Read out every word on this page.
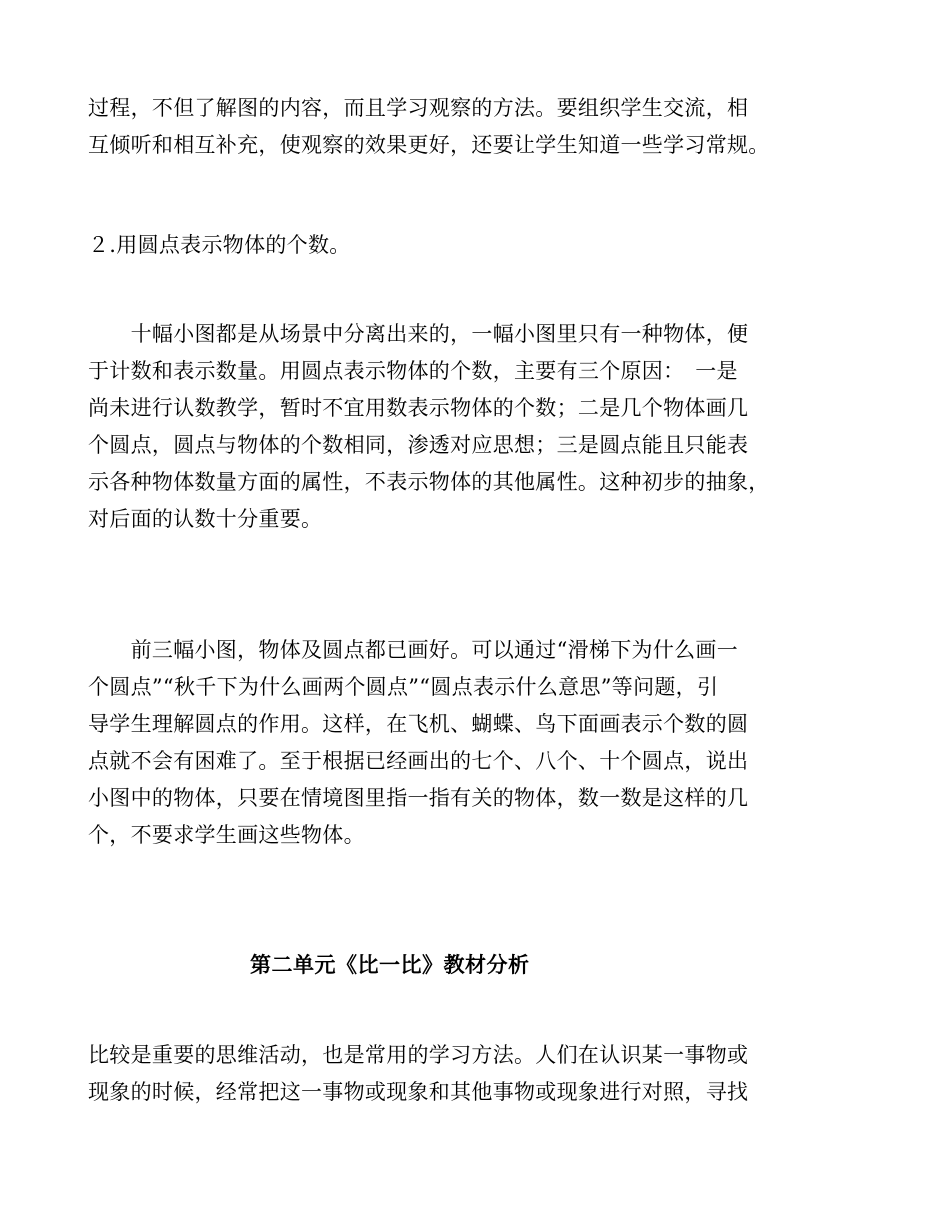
过程，不但了解图的内容，而且学习观察的方法。要组织学生交流，相
互倾听和相互补充，使观察的效果更好，还要让学生知道一些学习常规。

２.用圆点表示物体的个数。

　　十幅小图都是从场景中分离出来的，一幅小图里只有一种物体，便
于计数和表示数量。用圆点表示物体的个数，主要有三个原因：　一是
尚未进行认数教学，暂时不宜用数表示物体的个数；二是几个物体画几
个圆点，圆点与物体的个数相同，渗透对应思想；三是圆点能且只能表
示各种物体数量方面的属性，不表示物体的其他属性。这种初步的抽象，
对后面的认数十分重要。

　　前三幅小图，物体及圆点都已画好。可以通过“滑梯下为什么画一
个圆点”“秋千下为什么画两个圆点”“圆点表示什么意思”等问题，引
导学生理解圆点的作用。这样，在飞机、蝴蝶、鸟下面画表示个数的圆
点就不会有困难了。至于根据已经画出的七个、八个、十个圆点，说出
小图中的物体，只要在情境图里指一指有关的物体，数一数是这样的几
个，不要求学生画这些物体。

第二单元《比一比》教材分析

比较是重要的思维活动，也是常用的学习方法。人们在认识某一事物或
现象的时候，经常把这一事物或现象和其他事物或现象进行对照，寻找
